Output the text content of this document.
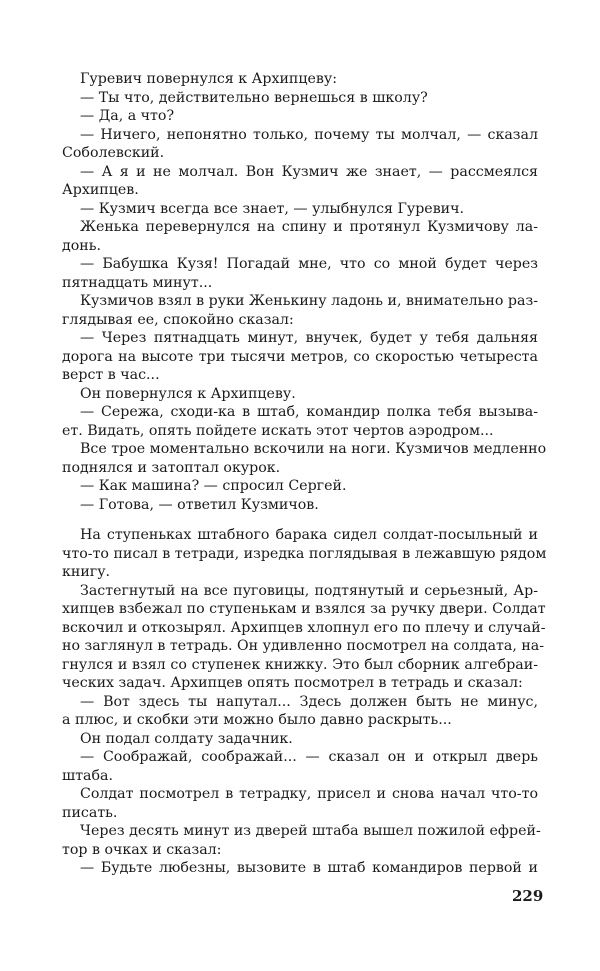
Гуревич повернулся к Архипцеву:
— Ты что, действительно вернешься в школу?
— Да, а что?
— Ничего, непонятно только, почему ты молчал, — сказал
Соболевский.
— А я и не молчал. Вон Кузмич же знает, — рассмеялся
Архипцев.
— Кузмич всегда все знает, — улыбнулся Гуревич.
Женька перевернулся на спину и протянул Кузмичову ла-
донь.
— Бабушка Кузя! Погадай мне, что со мной будет через
пятнадцать минут...
Кузмичов взял в руки Женькину ладонь и, внимательно раз-
глядывая ее, спокойно сказал:
— Через пятнадцать минут, внучек, будет у тебя дальняя
дорога на высоте три тысячи метров, со скоростью четыреста
верст в час...
Он повернулся к Архипцеву.
— Сережа, сходи-ка в штаб, командир полка тебя вызыва-
ет. Видать, опять пойдете искать этот чертов аэродром...
Все трое моментально вскочили на ноги. Кузмичов медленно
поднялся и затоптал окурок.
— Как машина? — спросил Сергей.
— Готова, — ответил Кузмичов.
На ступеньках штабного барака сидел солдат-посыльный и
что-то писал в тетради, изредка поглядывая в лежавшую рядом
книгу.
Застегнутый на все пуговицы, подтянутый и серьезный, Ар-
хипцев взбежал по ступенькам и взялся за ручку двери. Солдат
вскочил и откозырял. Архипцев хлопнул его по плечу и случай-
но заглянул в тетрадь. Он удивленно посмотрел на солдата, на-
гнулся и взял со ступенек книжку. Это был сборник алгебраи-
ческих задач. Архипцев опять посмотрел в тетрадь и сказал:
— Вот здесь ты напутал... Здесь должен быть не минус,
а плюс, и скобки эти можно было давно раскрыть...
Он подал солдату задачник.
— Соображай, соображай... — сказал он и открыл дверь
штаба.
Солдат посмотрел в тетрадку, присел и снова начал что-то
писать.
Через десять минут из дверей штаба вышел пожилой ефрей-
тор в очках и сказал:
— Будьте любезны, вызовите в штаб командиров первой и
229
